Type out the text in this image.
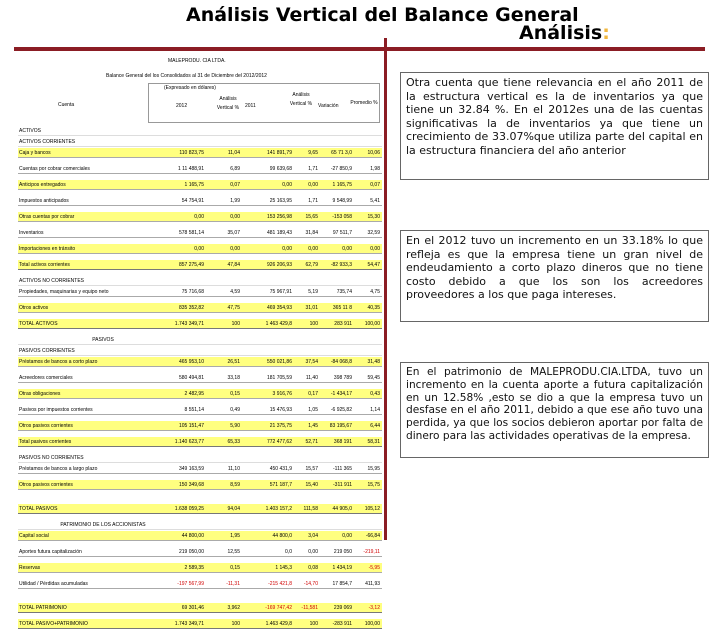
Análisis Vertical del Balance General
Análisis:
MALEPRODU. CIA LTDA.
Balance General del los Consolidados al 31 de Diciembre del 2012/2012
(Expresado en dólares)
Cuenta	2012
Análisis Vertical %	2011
Análisis Vertical %	Variación	Promedio %
ACTIVOS
ACTIVOS CORRIENTES
Caja y bancos	110 823,75	11,04	141 891,79	9,65	65 71 3,0	10,06
Cuentas por cobrar comerciales	1 11 488,91	6,89	99 639,68	1,71	-27 850,9	1,98
Anticipos entregados	1 165,75	0,07	0,00	0,00	1 165,75	0,07
Impuestos anticipados	54 754,91	1,99	25 163,95	1,71	9 548,99	5,41
Otras cuentas por cobrar	0,00	0,00	153 256,98	15,65	-153 058	15,30
Inventarios	578 581,14	35,07	481 189,43	31,84	97 511,7	32,59
Importaciones en tránsito	0,00	0,00	0,00	0,00	0,00	0,00
Total activos corrientes	857 275,49	47,84	926 206,93	62,79	-82 933,3	54,47
ACTIVOS NO CORRIENTES
Propiedades, maquinarias y equipo neto	75 716,68	4,59	75 967,91	5,19	735,74	4,75
Otros activos	835 352,82	47,75	469 354,93	31,01	365 11 8	40,35
TOTAL ACTIVOS	1.743 349,71	100	1 463 429,8	100	283 911	100,00
PASIVOS
PASIVOS CORRIENTES
Préstamos de bancos a corto plazo	465 953,10	26,51	550 021,86	37,54	-84 068,8	31,48
Acreedores comerciales	580 494,81	33,18	181 705,59	11,40	398 789	59,45
Otras obligaciones	2 482,95	0,15	3 916,76	0,17	-1 434,17	0,43
Pasivos por impuestos corrientes	8 551,14	0,49	15 476,93	1,05	-6 925,82	1,14
Otros pasivos corrientes	105 151,47	5,90	21 375,75	1,45	83 195,67	6,44
Total pasivos corrientes	1.140 623,77	65,33	772 477,62	52,71	368 191	58,31
PASIVOS NO CORRIENTES
Préstamos de bancos a largo plazo	349 163,59	11,10	450 431,9	15,57	-111 365	15,95
Otros pasivos corrientes	150 349,68	8,59	571 187,7	15,40	-311 911	15,75
TOTAL PASIVOS	1.638 059,25	94,04	1.403 157,2	111,58	44 905,0	105,12
PATRIMONIO DE LOS ACCIONISTAS
Capital social	44 800,00	1,95	44 800,0	3,04	0,00	-66,84
Aportes futura capitalización	219 050,00	12,55	0,0	0,00	219 050	-219,11
Reservas	2 589,35	0,15	1 145,3	0,08	1 434,19	-5,95
Utilidad / Pérdidas acumuladas	-197 567,99	-11,31	-215 421,8	-14,70	17 854,7	411,93
TOTAL PATRIMONIO	69 301,46	3,962	-169 747,42	-11,581	239 069	-3,12
TOTAL PASIVO+PATRIMONIO	1.743 349,71	100	1.463 429,8	100	-283 911	100,00
Otra cuenta que tiene relevancia en el año 2011 de la estructura vertical es la de inventarios ya que tiene un 32.84 %. En el 2012es una de las cuentas significativas la de inventarios ya que tiene un crecimiento de 33.07%que utiliza parte del capital en la estructura financiera del año anterior
En el 2012 tuvo un incremento en un 33.18% lo que refleja es que la empresa tiene un gran nivel de endeudamiento a corto plazo dineros que no tiene costo debido a que los son los acreedores proveedores a los que paga intereses.
En el patrimonio de MALEPRODU.CIA.LTDA, tuvo un incremento en la cuenta aporte a futura capitalización en un 12.58% ,esto se dio a que la empresa tuvo un desfase en el año 2011, debido a que ese año tuvo una perdida, ya que los socios debieron aportar por falta de dinero para las actividades operativas de la empresa.
